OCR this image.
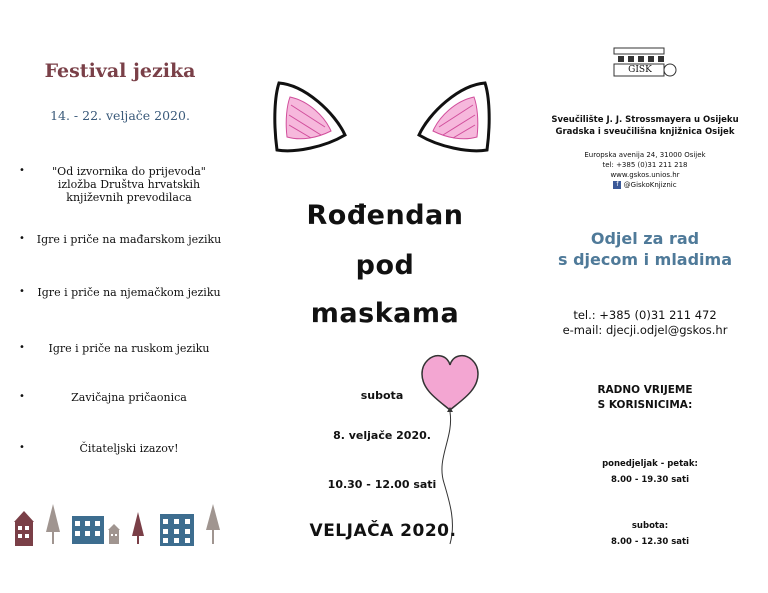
Festival jezika
14. - 22. veljače 2020.
•	"Od izvornika do prijevoda"
izložba Društva hrvatskih
književnih prevodilaca
•	Igre i priče na mađarskom jeziku
•	Igre i priče na njemačkom jeziku
•	Igre i priče na ruskom jeziku
•	Zavičajna pričaonica
•	Čitateljski izazov!
Rođendan
pod
maskama
subota
8. veljače 2020.
10.30 - 12.00 sati
VELJAČA 2020.
GISK
Sveučilište J. J. Strossmayera u Osijeku
Gradska i sveučilišna knjižnica Osijek
Europska avenija 24, 31000 Osijek
tel: +385 (0)31 211 218
www.gskos.unios.hr
f @GiskoKnjiznic
Odjel za rad
s djecom i mladima
tel.: +385 (0)31 211 472
e-mail: djecji.odjel@gskos.hr
RADNO VRIJEME
S KORISNICIMA:
ponedjeljak - petak:
8.00 - 19.30 sati
subota:
8.00 - 12.30 sati
